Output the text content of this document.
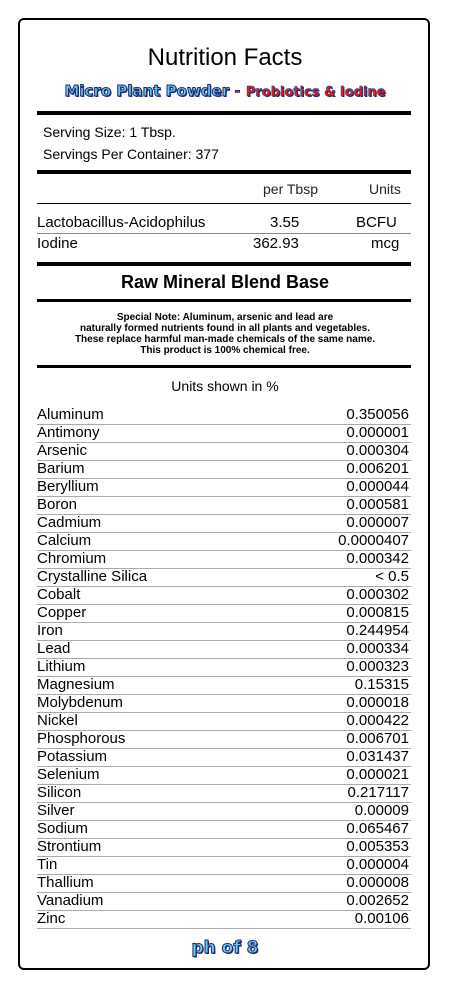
Nutrition Facts
Micro Plant Powder - Probiotics & Iodine
Serving Size: 1 Tbsp.
Servings Per Container: 377
per Tbsp	Units
Lactobacillus-Acidophilus	3.55	BCFU
Iodine	362.93	mcg
Raw Mineral Blend Base
Special Note: Aluminum, arsenic and lead are
naturally formed nutrients found in all plants and vegetables.
These replace harmful man-made chemicals of the same name.
This product is 100% chemical free.
Units shown in %
Aluminum	0.350056
Antimony	0.000001
Arsenic	0.000304
Barium	0.006201
Beryllium	0.000044
Boron	0.000581
Cadmium	0.000007
Calcium	0.0000407
Chromium	0.000342
Crystalline Silica	< 0.5
Cobalt	0.000302
Copper	0.000815
Iron	0.244954
Lead	0.000334
Lithium	0.000323
Magnesium	0.15315
Molybdenum	0.000018
Nickel	0.000422
Phosphorous	0.006701
Potassium	0.031437
Selenium	0.000021
Silicon	0.217117
Silver	0.00009
Sodium	0.065467
Strontium	0.005353
Tin	0.000004
Thallium	0.000008
Vanadium	0.002652
Zinc	0.00106
ph of 8
